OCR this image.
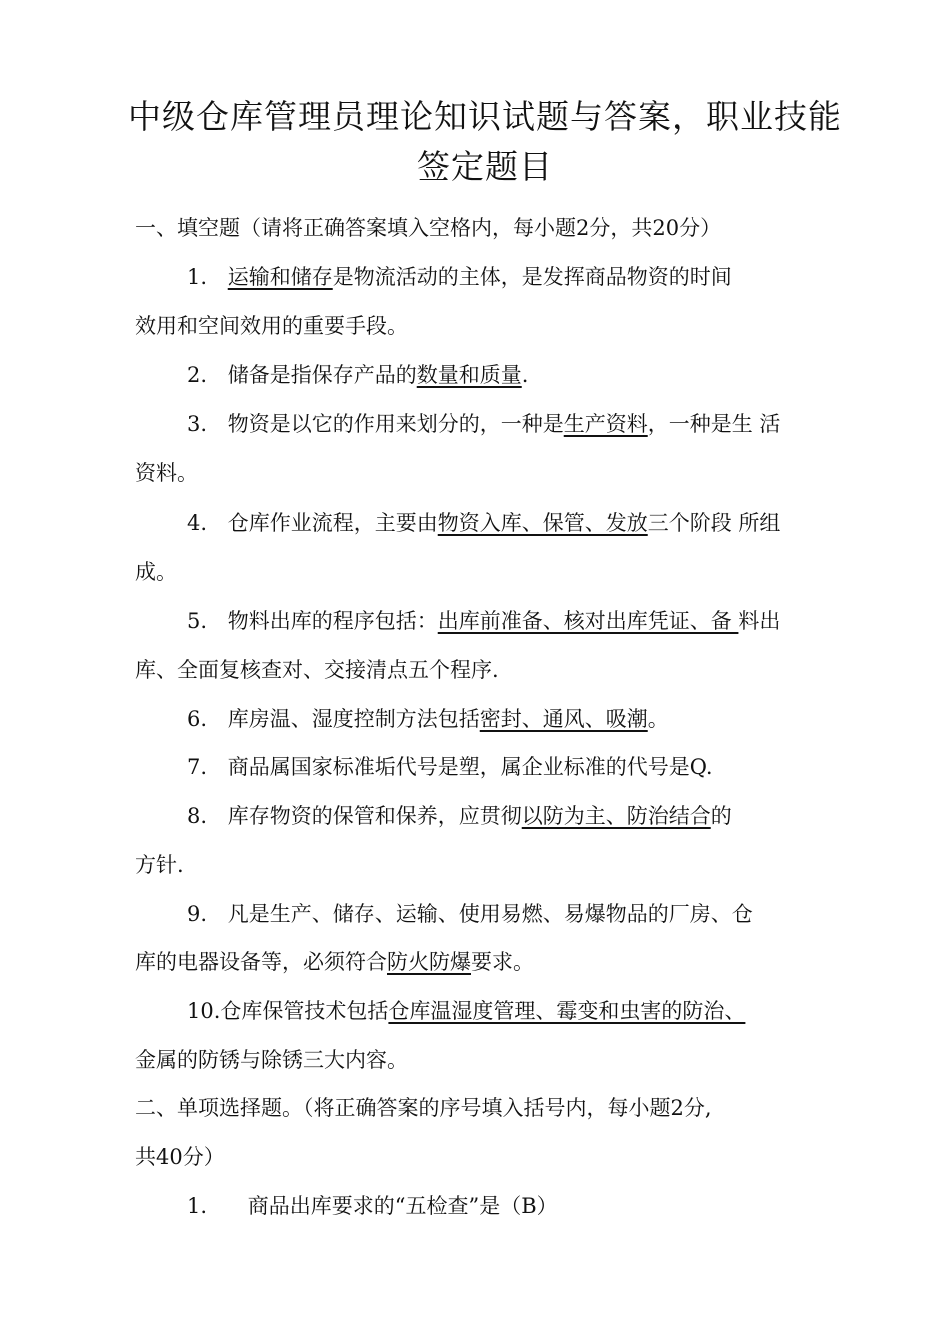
中级仓库管理员理论知识试题与答案，职业技能
签定题目
一、填空题（请将正确答案填入空格内，每小题2分，共20分）
1. 运输和储存是物流活动的主体，是发挥商品物资的时间
效用和空间效用的重要手段。
2. 储备是指保存产品的数量和质量.
3. 物资是以它的作用来划分的，一种是生产资料，一种是生 活
资料。
4. 仓库作业流程，主要由物资入库、保管、发放三个阶段 所组
成。
5. 物料出库的程序包括：出库前准备、核对出库凭证、备 料出
库、全面复核查对、交接清点五个程序.
6. 库房温、湿度控制方法包括密封、通风、吸潮。
7. 商品属国家标准垢代号是塑，属企业标准的代号是Q.
8. 库存物资的保管和保养，应贯彻以防为主、防治结合的
方针.
9. 凡是生产、储存、运输、使用易燃、易爆物品的厂房、仓
库的电器设备等，必须符合防火防爆要求。
10.仓库保管技术包括仓库温湿度管理、霉变和虫害的防治、
金属的防锈与除锈三大内容。
二、单项选择题。（将正确答案的序号填入括号内，每小题2分,
共40分）
1. 商品出库要求的“五检查”是（B）
